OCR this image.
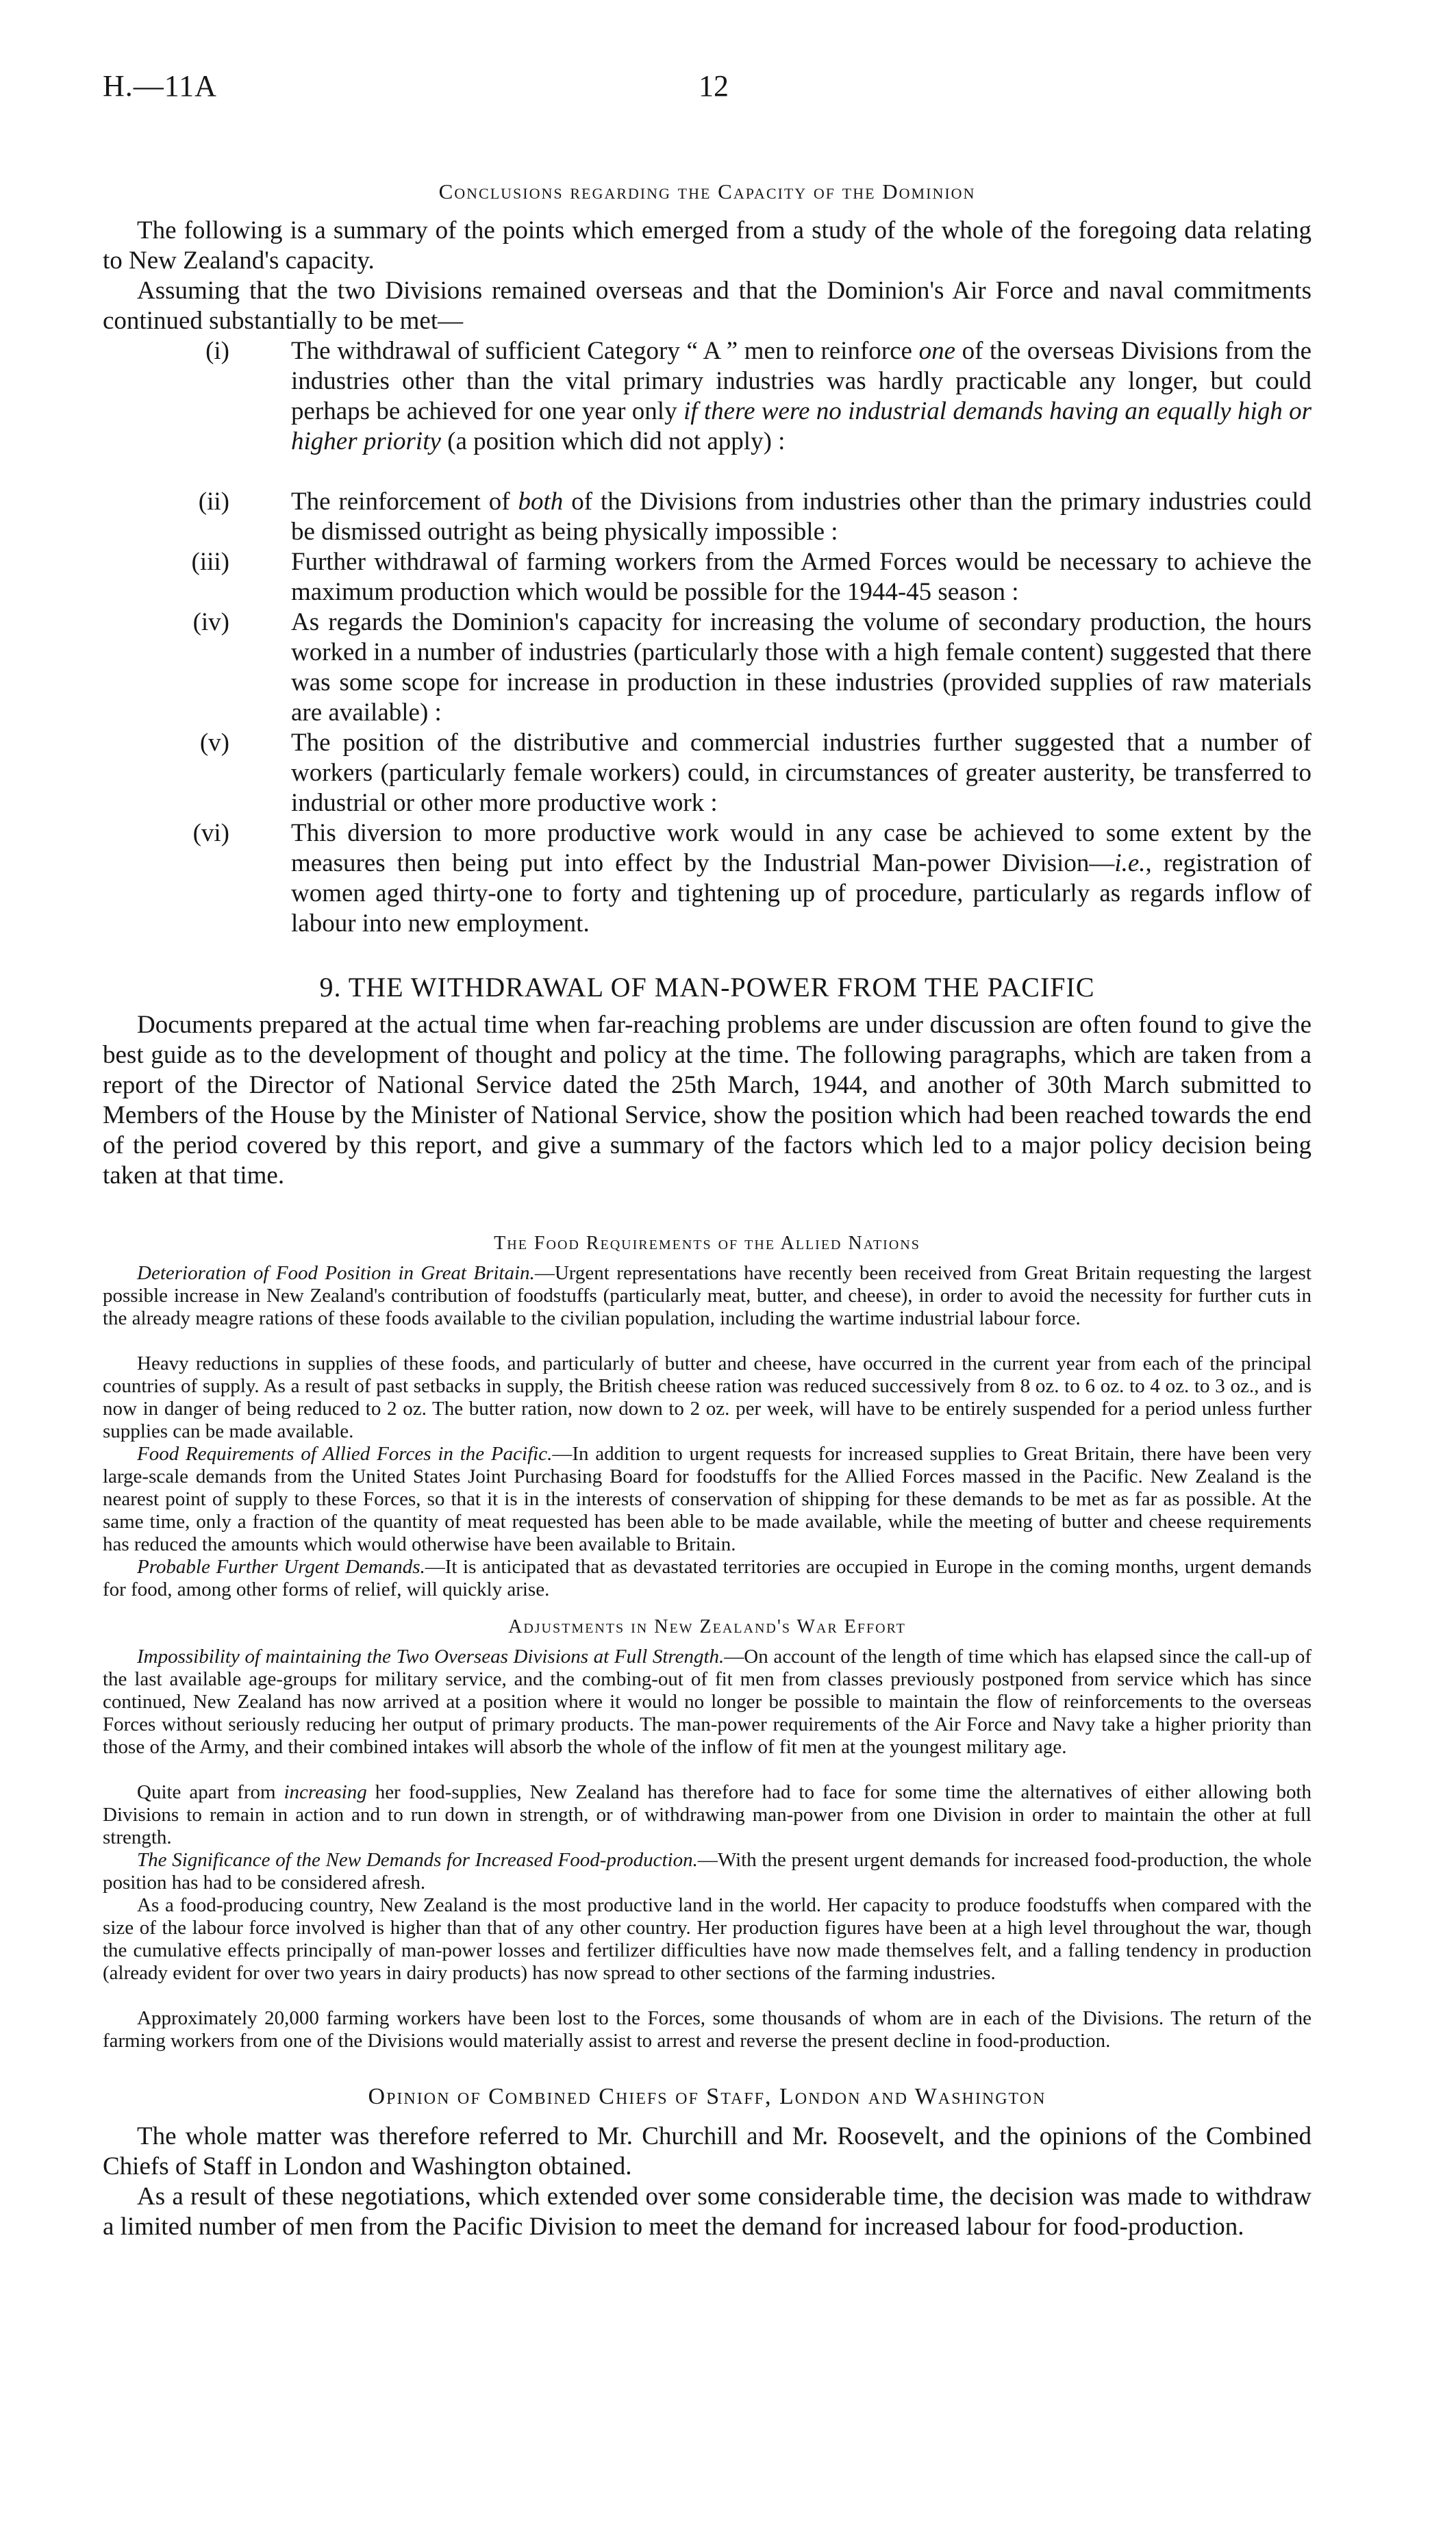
H.—11A	12
Conclusions regarding the Capacity of the Dominion
The following is a summary of the points which emerged from a study of the whole of the foregoing data relating to New Zealand's capacity.
Assuming that the two Divisions remained overseas and that the Dominion's Air Force and naval commitments continued substantially to be met—
(i) The withdrawal of sufficient Category “ A ” men to reinforce one of the overseas Divisions from the industries other than the vital primary industries was hardly practicable any longer, but could perhaps be achieved for one year only if there were no industrial demands having an equally high or higher priority (a position which did not apply) :
(ii) The reinforcement of both of the Divisions from industries other than the primary industries could be dismissed outright as being physically impossible :
(iii) Further withdrawal of farming workers from the Armed Forces would be necessary to achieve the maximum production which would be possible for the 1944-45 season :
(iv) As regards the Dominion's capacity for increasing the volume of secondary production, the hours worked in a number of industries (particularly those with a high female content) suggested that there was some scope for increase in production in these industries (provided supplies of raw materials are available) :
(v) The position of the distributive and commercial industries further suggested that a number of workers (particularly female workers) could, in circumstances of greater austerity, be transferred to industrial or other more productive work :
(vi) This diversion to more productive work would in any case be achieved to some extent by the measures then being put into effect by the Industrial Man-power Division—i.e., registration of women aged thirty-one to forty and tightening up of procedure, particularly as regards inflow of labour into new employment.
9. THE WITHDRAWAL OF MAN-POWER FROM THE PACIFIC
Documents prepared at the actual time when far-reaching problems are under discussion are often found to give the best guide as to the development of thought and policy at the time. The following paragraphs, which are taken from a report of the Director of National Service dated the 25th March, 1944, and another of 30th March submitted to Members of the House by the Minister of National Service, show the position which had been reached towards the end of the period covered by this report, and give a summary of the factors which led to a major policy decision being taken at that time.
The Food Requirements of the Allied Nations

Deterioration of Food Position in Great Britain.—Urgent representations have recently been received from Great Britain requesting the largest possible increase in New Zealand's contribution of foodstuffs (particularly meat, butter, and cheese), in order to avoid the necessity for further cuts in the already meagre rations of these foods available to the civilian population, including the wartime industrial labour force.

Heavy reductions in supplies of these foods, and particularly of butter and cheese, have occurred in the current year from each of the principal countries of supply. As a result of past setbacks in supply, the British cheese ration was reduced successively from 8 oz. to 6 oz. to 4 oz. to 3 oz., and is now in danger of being reduced to 2 oz. The butter ration, now down to 2 oz. per week, will have to be entirely suspended for a period unless further supplies can be made available.

Food Requirements of Allied Forces in the Pacific.—In addition to urgent requests for increased supplies to Great Britain, there have been very large-scale demands from the United States Joint Purchasing Board for foodstuffs for the Allied Forces massed in the Pacific. New Zealand is the nearest point of supply to these Forces, so that it is in the interests of conservation of shipping for these demands to be met as far as possible. At the same time, only a fraction of the quantity of meat requested has been able to be made available, while the meeting of butter and cheese requirements has reduced the amounts which would otherwise have been available to Britain.

Probable Further Urgent Demands.—It is anticipated that as devastated territories are occupied in Europe in the coming months, urgent demands for food, among other forms of relief, will quickly arise.

Adjustments in New Zealand's War Effort

Impossibility of maintaining the Two Overseas Divisions at Full Strength.—On account of the length of time which has elapsed since the call-up of the last available age-groups for military service, and the combing-out of fit men from classes previously postponed from service which has since continued, New Zealand has now arrived at a position where it would no longer be possible to maintain the flow of reinforcements to the overseas Forces without seriously reducing her output of primary products. The man-power requirements of the Air Force and Navy take a higher priority than those of the Army, and their combined intakes will absorb the whole of the inflow of fit men at the youngest military age.

Quite apart from increasing her food-supplies, New Zealand has therefore had to face for some time the alternatives of either allowing both Divisions to remain in action and to run down in strength, or of withdrawing man-power from one Division in order to maintain the other at full strength.

The Significance of the New Demands for Increased Food-production.—With the present urgent demands for increased food-production, the whole position has had to be considered afresh.

As a food-producing country, New Zealand is the most productive land in the world. Her capacity to produce foodstuffs when compared with the size of the labour force involved is higher than that of any other country. Her production figures have been at a high level throughout the war, though the cumulative effects principally of man-power losses and fertilizer difficulties have now made themselves felt, and a falling tendency in production (already evident for over two years in dairy products) has now spread to other sections of the farming industries.

Approximately 20,000 farming workers have been lost to the Forces, some thousands of whom are in each of the Divisions. The return of the farming workers from one of the Divisions would materially assist to arrest and reverse the present decline in food-production.

Opinion of Combined Chiefs of Staff, London and Washington
The whole matter was therefore referred to Mr. Churchill and Mr. Roosevelt, and the opinions of the Combined Chiefs of Staff in London and Washington obtained.
As a result of these negotiations, which extended over some considerable time, the decision was made to withdraw a limited number of men from the Pacific Division to meet the demand for increased labour for food-production.
